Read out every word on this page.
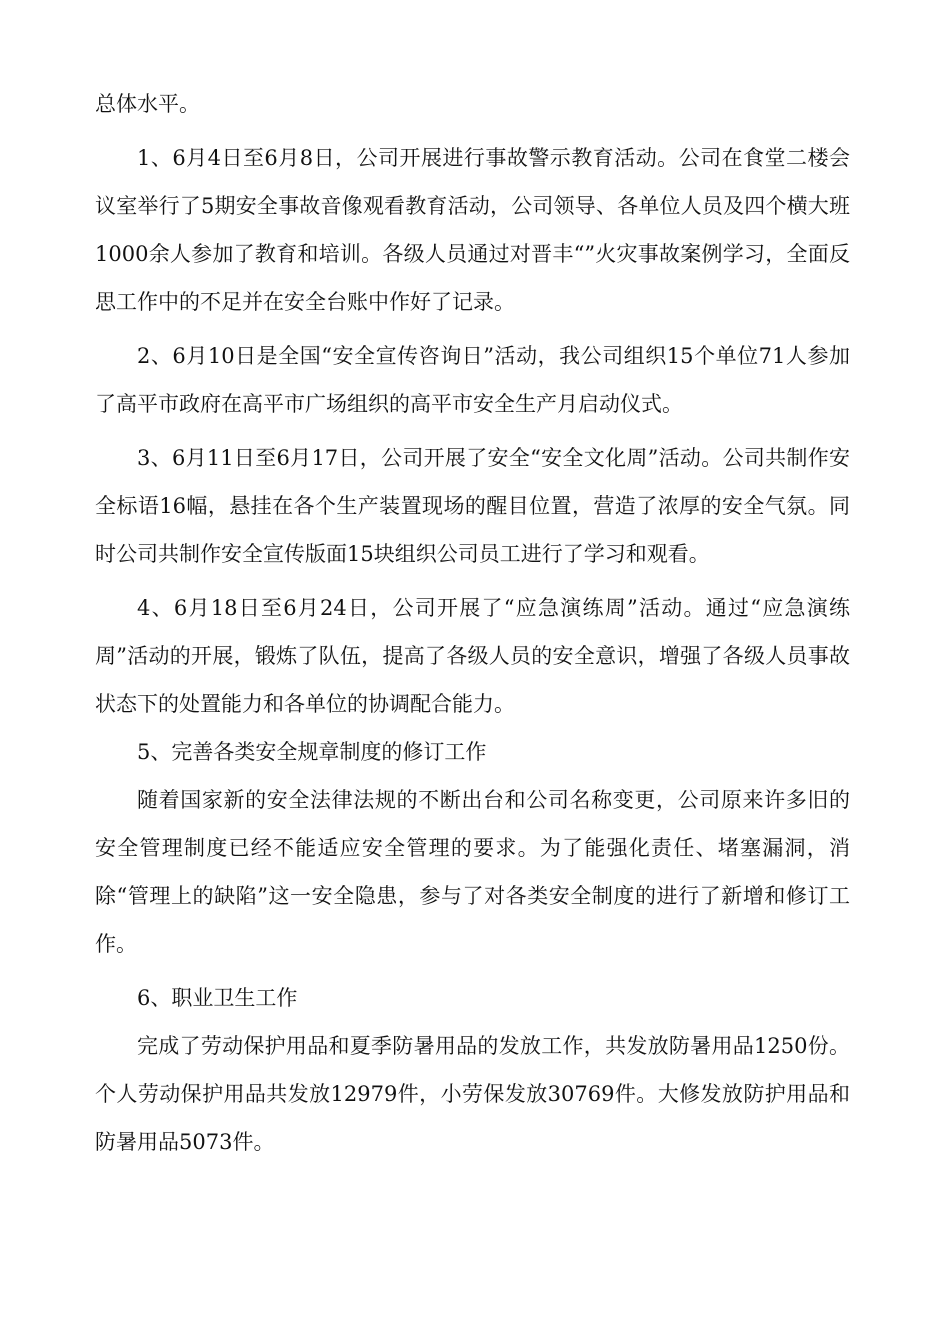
总体水平。

1、6月4日至6月8日，公司开展进行事故警示教育活动。公司在食堂二楼会议室举行了5期安全事故音像观看教育活动，公司领导、各单位人员及四个横大班1000余人参加了教育和培训。各级人员通过对晋丰“”火灾事故案例学习，全面反思工作中的不足并在安全台账中作好了记录。

2、6月10日是全国“安全宣传咨询日”活动，我公司组织15个单位71人参加了高平市政府在高平市广场组织的高平市安全生产月启动仪式。

3、6月11日至6月17日，公司开展了安全“安全文化周”活动。公司共制作安全标语16幅，悬挂在各个生产装置现场的醒目位置，营造了浓厚的安全气氛。同时公司共制作安全宣传版面15块组织公司员工进行了学习和观看。

4、6月18日至6月24日，公司开展了“应急演练周”活动。通过“应急演练周”活动的开展，锻炼了队伍，提高了各级人员的安全意识，增强了各级人员事故状态下的处置能力和各单位的协调配合能力。

5、完善各类安全规章制度的修订工作

随着国家新的安全法律法规的不断出台和公司名称变更，公司原来许多旧的安全管理制度已经不能适应安全管理的要求。为了能强化责任、堵塞漏洞，消除“管理上的缺陷”这一安全隐患，参与了对各类安全制度的进行了新增和修订工作。

6、职业卫生工作

完成了劳动保护用品和夏季防暑用品的发放工作，共发放防暑用品1250份。个人劳动保护用品共发放12979件，小劳保发放30769件。大修发放防护用品和防暑用品5073件。
